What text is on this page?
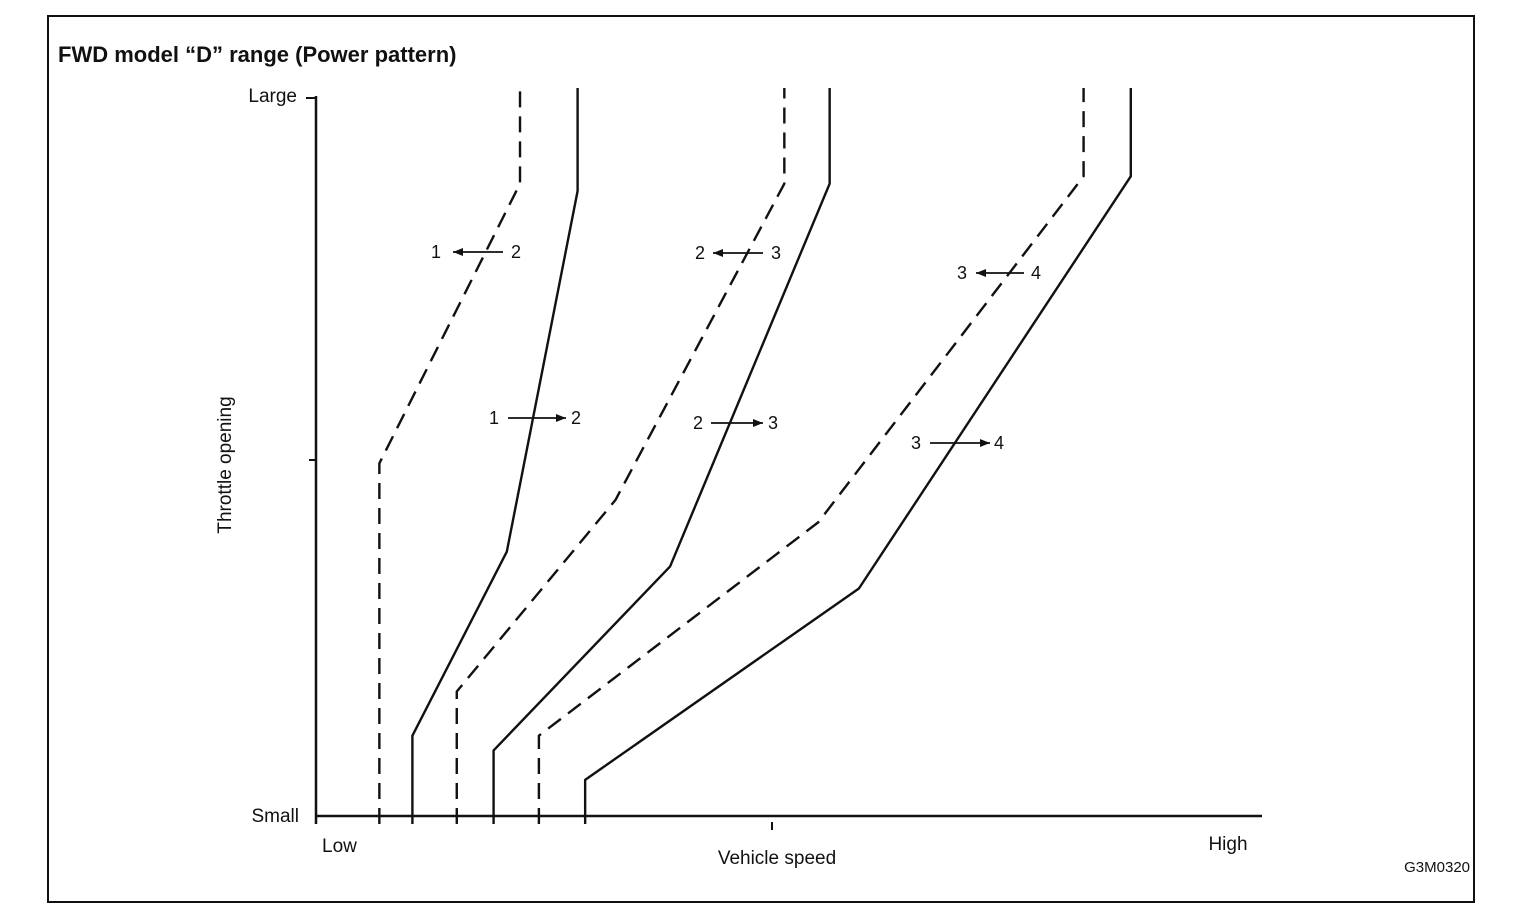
FWD model “D” range (Power pattern)
Large
Small
Low	High
Vehicle speed
Throttle opening
1	2
1	2
2	3
2	3
3	4
3	4
G3M0320
